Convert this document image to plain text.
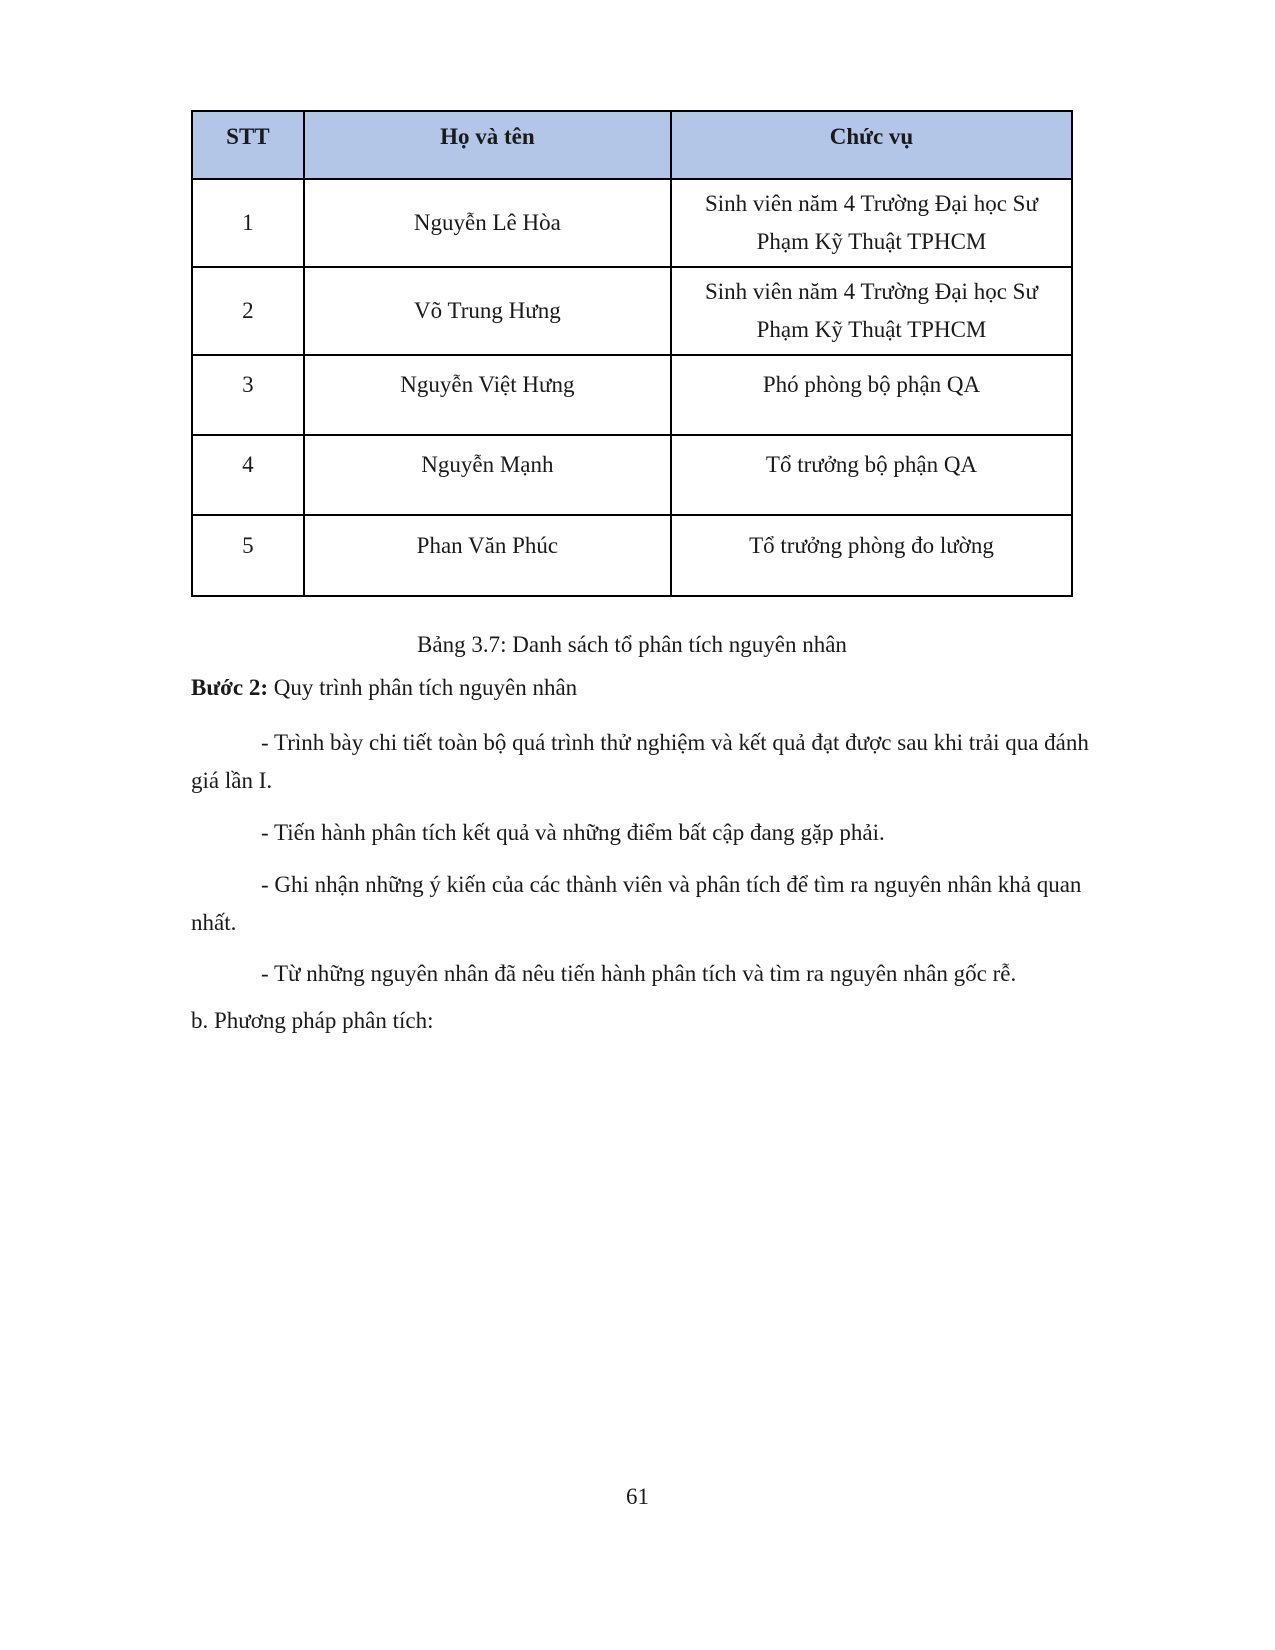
STT	Họ và tên	Chức vụ
1	Nguyễn Lê Hòa	Sinh viên năm 4 Trường Đại học Sư
Phạm Kỹ Thuật TPHCM
2	Võ Trung Hưng	Sinh viên năm 4 Trường Đại học Sư
Phạm Kỹ Thuật TPHCM

3	Nguyễn Việt Hưng	Phó phòng bộ phận QA

4	Nguyễn Mạnh	Tổ trưởng bộ phận QA

5	Phan Văn Phúc	Tổ trưởng phòng đo lường
Bảng 3.7: Danh sách tổ phân tích nguyên nhân
Bước 2: Quy trình phân tích nguyên nhân
- Trình bày chi tiết toàn bộ quá trình thử nghiệm và kết quả đạt được sau khi trải qua đánh giá lần I.
- Tiến hành phân tích kết quả và những điểm bất cập đang gặp phải.
- Ghi nhận những ý kiến của các thành viên và phân tích để tìm ra nguyên nhân khả quan nhất.
- Từ những nguyên nhân đã nêu tiến hành phân tích và tìm ra nguyên nhân gốc rễ.
b. Phương pháp phân tích:
61
